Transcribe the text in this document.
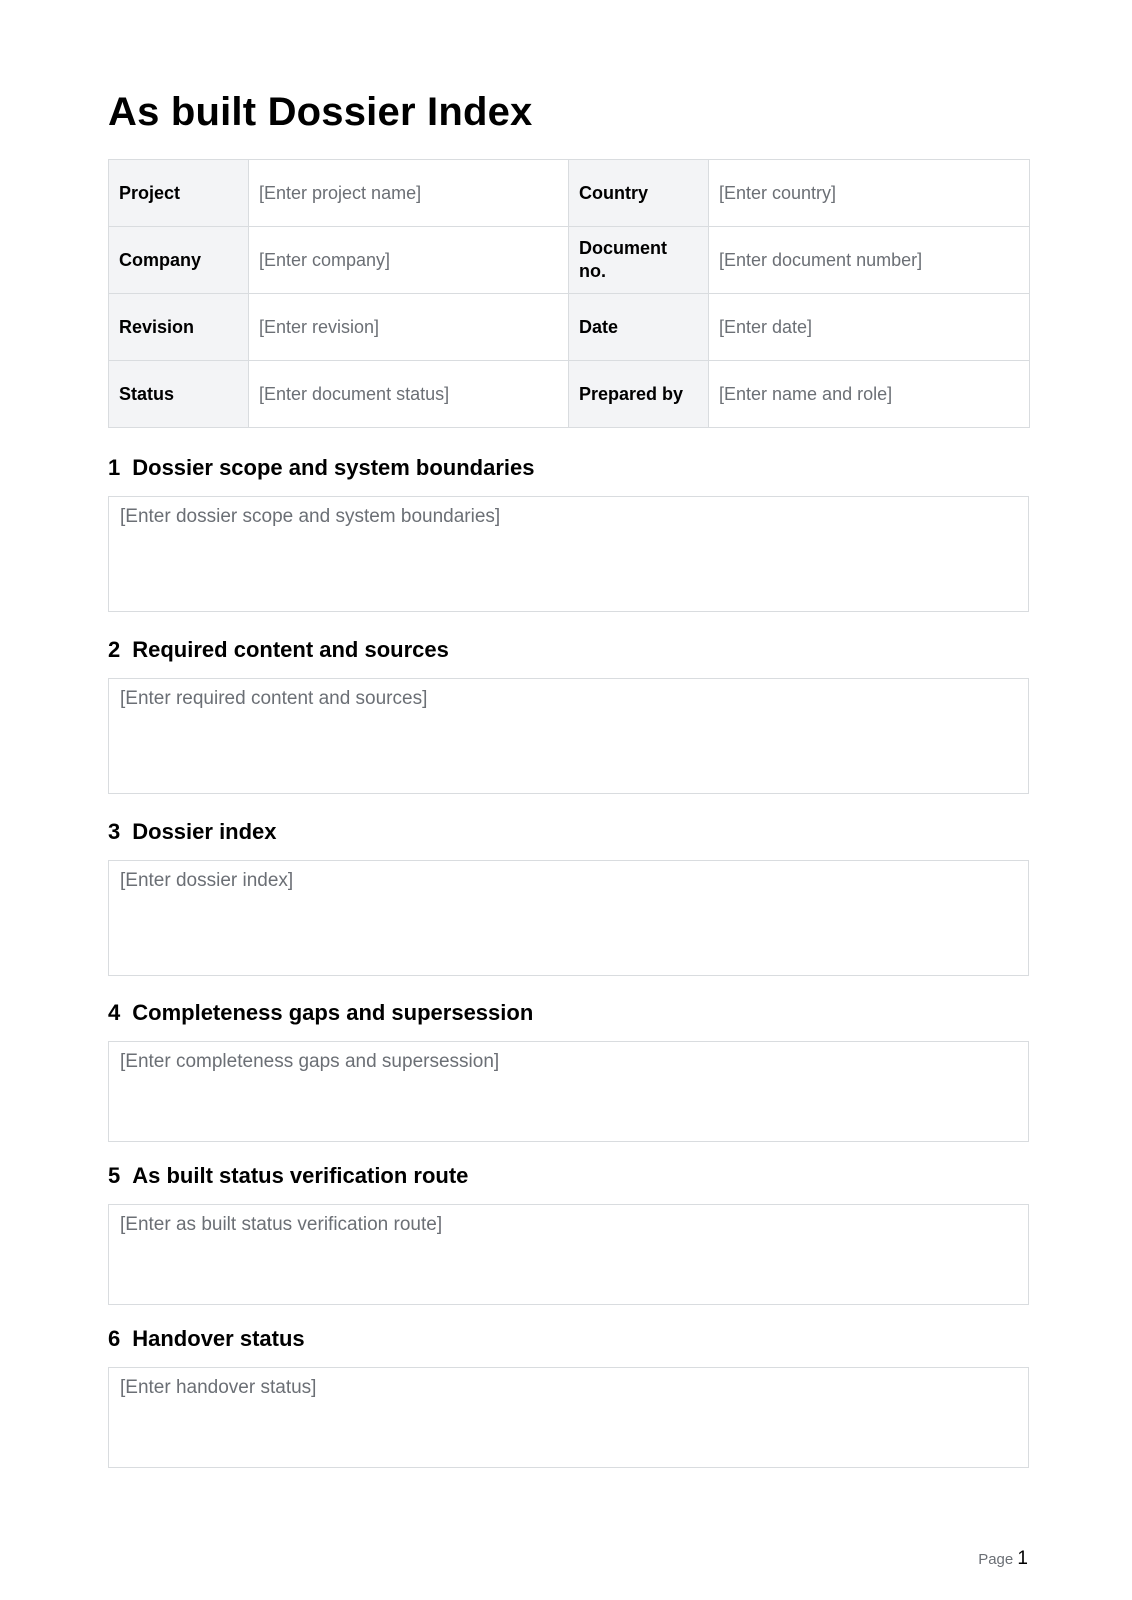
As built Dossier Index
Project	[Enter project name]	Country	[Enter country]
Company	[Enter company]	Document no.	[Enter document number]
Revision	[Enter revision]	Date	[Enter date]
Status	[Enter document status]	Prepared by	[Enter name and role]
1 Dossier scope and system boundaries
[Enter dossier scope and system boundaries]
2 Required content and sources
[Enter required content and sources]
3 Dossier index
[Enter dossier index]
4 Completeness gaps and supersession
[Enter completeness gaps and supersession]
5 As built status verification route
[Enter as built status verification route]
6 Handover status
[Enter handover status]
Page 1
